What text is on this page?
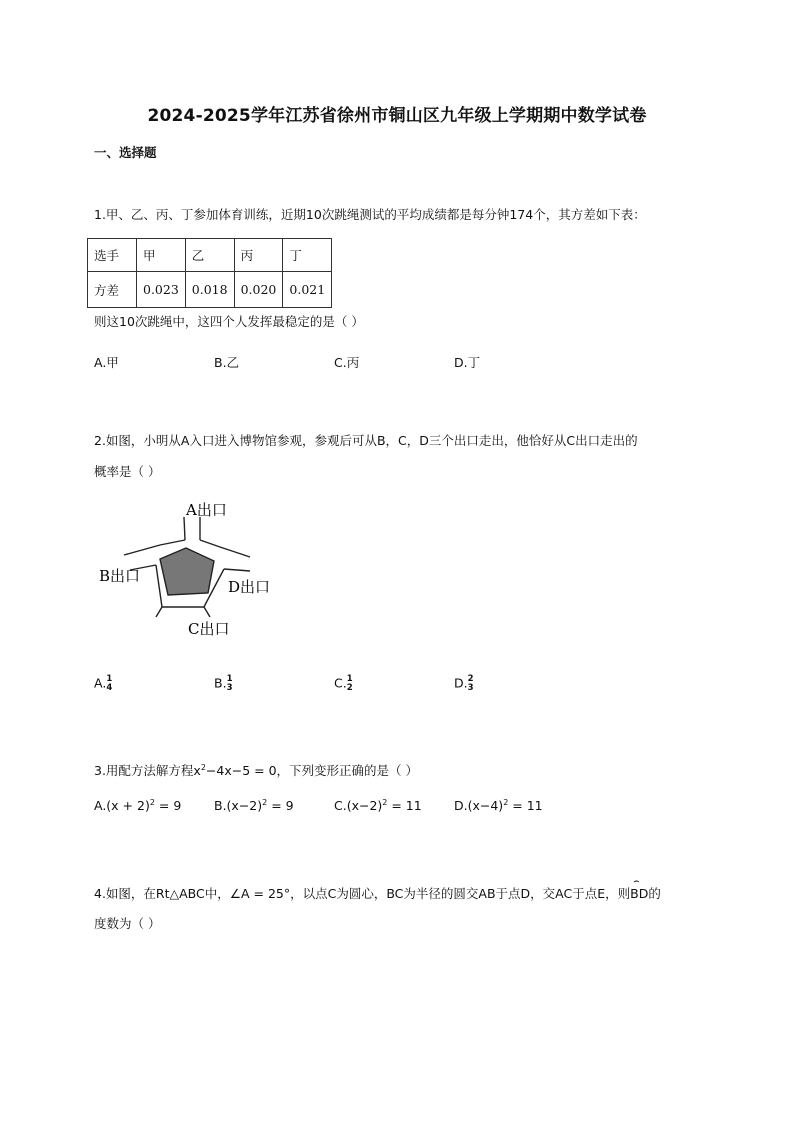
2024-2025学年江苏省徐州市铜山区九年级上学期期中数学试卷
一、选择题
1.甲、乙、丙、丁参加体育训练，近期10次跳绳测试的平均成绩都是每分钟174个，其方差如下表：
选手	甲	乙	丙	丁
方差	0.023	0.018	0.020	0.021
则这10次跳绳中，这四个人发挥最稳定的是（ ）
A.甲	B.乙	C.丙	D.丁
2.如图，小明从A入口进入博物馆参观，参观后可从B，C，D三个出口走出，他恰好从C出口走出的
概率是（ ）
A出口
B出口
D出口
C出口
A. 1
4	B. 1
3	C. 1
2	D. 2
3
3.用配方法解方程$x^2-4x-5 = 0$，下列变形正确的是（ ）
$A.(x + 2)^2 = 9$	$B.(x-2)^2 = 9$	$C.(x-2)^2 = 11$	$D.(x-4)^2 = 11$
4.如图，在Rt△ABC中，∠A = 25°，以点C为圆心，BC为半径的圆交AB于点D，交AC于点E，则⌢ BD的
度数为（ ）
